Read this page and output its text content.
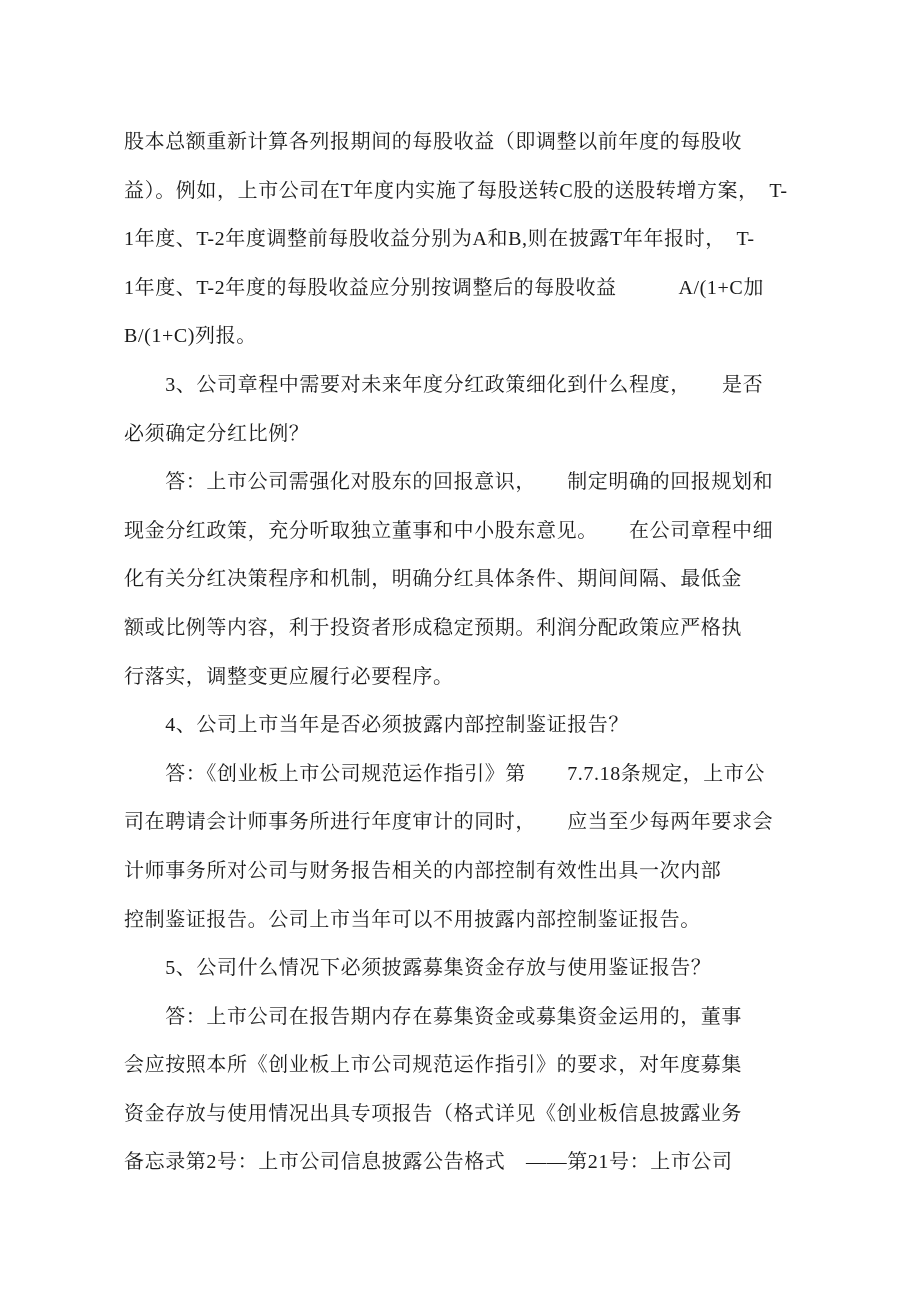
股本总额重新计算各列报期间的每股收益（即调整以前年度的每股收
益）。例如，上市公司在T年度内实施了每股送转C股的送股转增方案，　T-
1年度、T-2年度调整前每股收益分别为A和B,则在披露T年年报时，　T-
1年度、T-2年度的每股收益应分别按调整后的每股收益　　　A/(1+C加
B/(1+C)列报。
　　3、公司章程中需要对未来年度分红政策细化到什么程度，　　是否
必须确定分红比例？
　　答：上市公司需强化对股东的回报意识，　　制定明确的回报规划和
现金分红政策，充分听取独立董事和中小股东意见。　　在公司章程中细
化有关分红决策程序和机制，明确分红具体条件、期间间隔、最低金
额或比例等内容，利于投资者形成稳定预期。利润分配政策应严格执
行落实，调整变更应履行必要程序。
　　4、公司上市当年是否必须披露内部控制鉴证报告？
　　答：《创业板上市公司规范运作指引》第　　7.7.18条规定，上市公
司在聘请会计师事务所进行年度审计的同时，　　应当至少每两年要求会
计师事务所对公司与财务报告相关的内部控制有效性出具一次内部
控制鉴证报告。公司上市当年可以不用披露内部控制鉴证报告。
　　5、公司什么情况下必须披露募集资金存放与使用鉴证报告？
　　答：上市公司在报告期内存在募集资金或募集资金运用的，董事
会应按照本所《创业板上市公司规范运作指引》的要求，对年度募集
资金存放与使用情况出具专项报告（格式详见《创业板信息披露业务
备忘录第2号：上市公司信息披露公告格式　——第21号：上市公司
